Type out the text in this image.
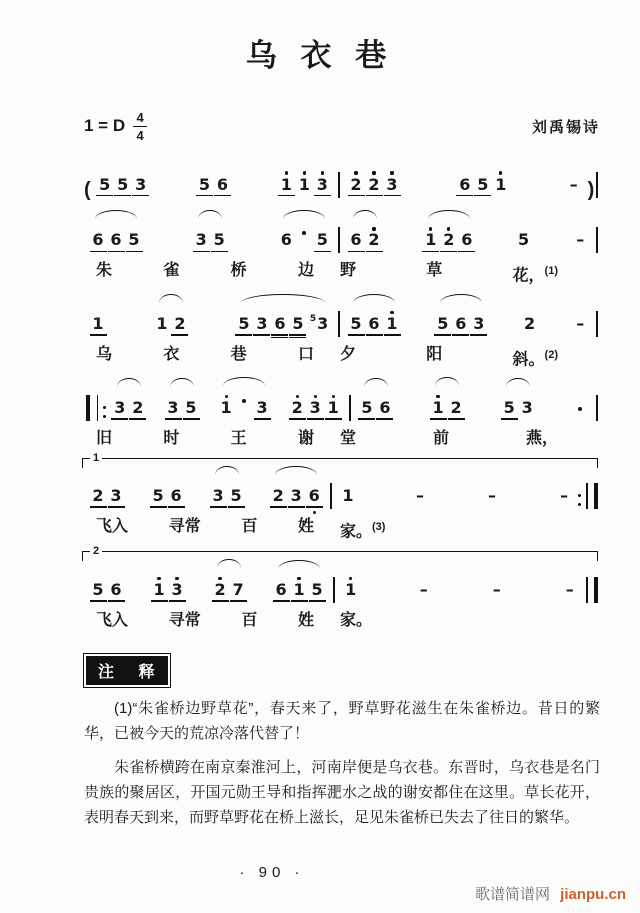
乌 衣 巷
1 = D $\frac{4}{4}$	刘禹锡诗
( 5 5 3	5 6	1 1 3 2 2 3	6 5 1	– )
6 6 5	3 5	6 5 6 2	1 2 6	5	–
朱	雀	桥	边 野	草	花，$^{(1)}$
1	1 2	5 3 6 5 5 3 5 6 1 5 6 3 2	–
乌	衣	巷	口 夕	阳	斜。$^{(2)}$
3 2 3 5 1 3 2 3 1 5 6	1 2	5 3
旧	时	王	谢 堂	前	燕，
1
2 3 5 6 3 5 2 3 6 1	–	–	–
飞入	寻常	百	姓 家。$^{(3)}$
2
5 6 1 3 2 7 6 1 5 1	–	–	–
飞入	寻常	百	姓 家。
注 释

(1)“朱雀桥边野草花”，春天来了，野草野花滋生在朱雀桥边。昔日的繁华，已被今天的荒凉冷落代替了！

朱雀桥横跨在南京秦淮河上，河南岸便是乌衣巷。东晋时，乌衣巷是名门贵族的聚居区，开国元勋王导和指挥淝水之战的谢安都住在这里。草长花开，表明春天到来，而野草野花在桥上滋长，足见朱雀桥已失去了往日的繁华。

· 90 ·
歌谱简谱网 jianpu.cn
